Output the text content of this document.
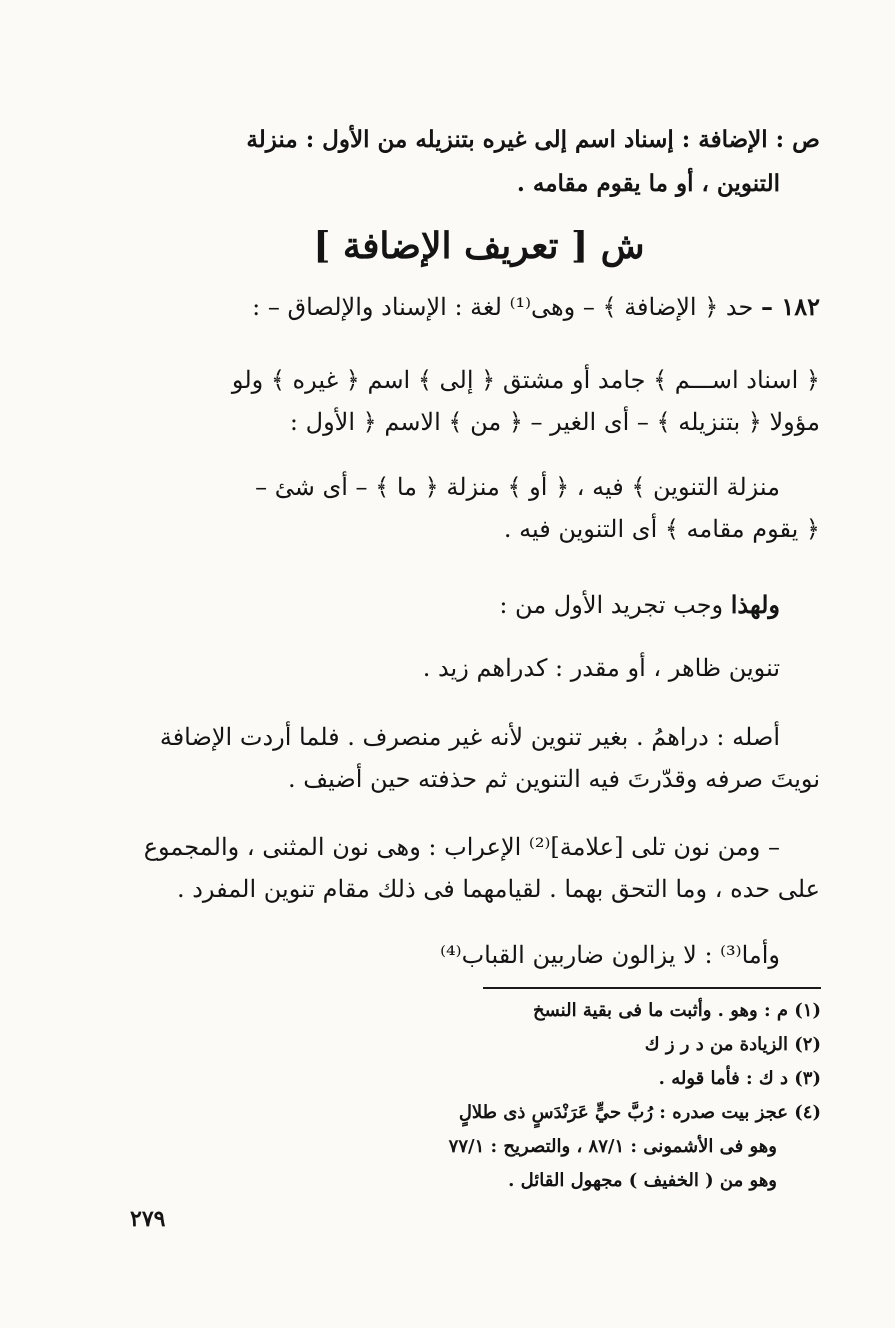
ص : الإضافة : إسناد اسم إلى غيره بتنزيله من الأول : منزلة
التنوين ، أو ما يقوم مقامه .
ش [ تعريف الإضافة ]
١٨٢ – حد ﴿ الإضافة ﴾ – وهى⁽¹⁾ لغة : الإسناد والإلصاق – :
﴿ اسناد اســـم ﴾ جامد أو مشتق ﴿ إلى ﴾ اسم ﴿ غيره ﴾ ولو
مؤولا ﴿ بتنزيله ﴾ – أى الغير – ﴿ من ﴾ الاسم ﴿ الأول :
منزلة التنوين ﴾ فيه ، ﴿ أو ﴾ منزلة ﴿ ما ﴾ – أى شئ –
﴿ يقوم مقامه ﴾ أى التنوين فيه .
ولهذا وجب تجريد الأول من :
تنوين ظاهر ، أو مقدر : كدراهم زيد .
أصله : دراهمُ . بغير تنوين لأنه غير منصرف . فلما أردت الإضافة
نويتَ صرفه وقدّرتَ فيه التنوين ثم حذفته حين أضيف .
– ومن نون تلى [علامة]⁽²⁾ الإعراب : وهى نون المثنى ، والمجموع
على حده ، وما التحق بهما . لقيامهما فى ذلك مقام تنوين المفرد .
وأما⁽³⁾ : لا يزالون ضاربين القباب⁽⁴⁾

(١) م : وهو . وأثبت ما فى بقية النسخ

(٢) الزيادة من د ر ز ك

(٣) د ك : فأما قوله .

(٤) عجز بيت صدره : رُبَّ حيٍّ عَرَنْدَسٍ ذى طلالٍ

وهو فى الأشمونى : ٨٧/١ ، والتصريح : ٧٧/١

وهو من ( الخفيف ) مجهول القائل .

٢٧٩
